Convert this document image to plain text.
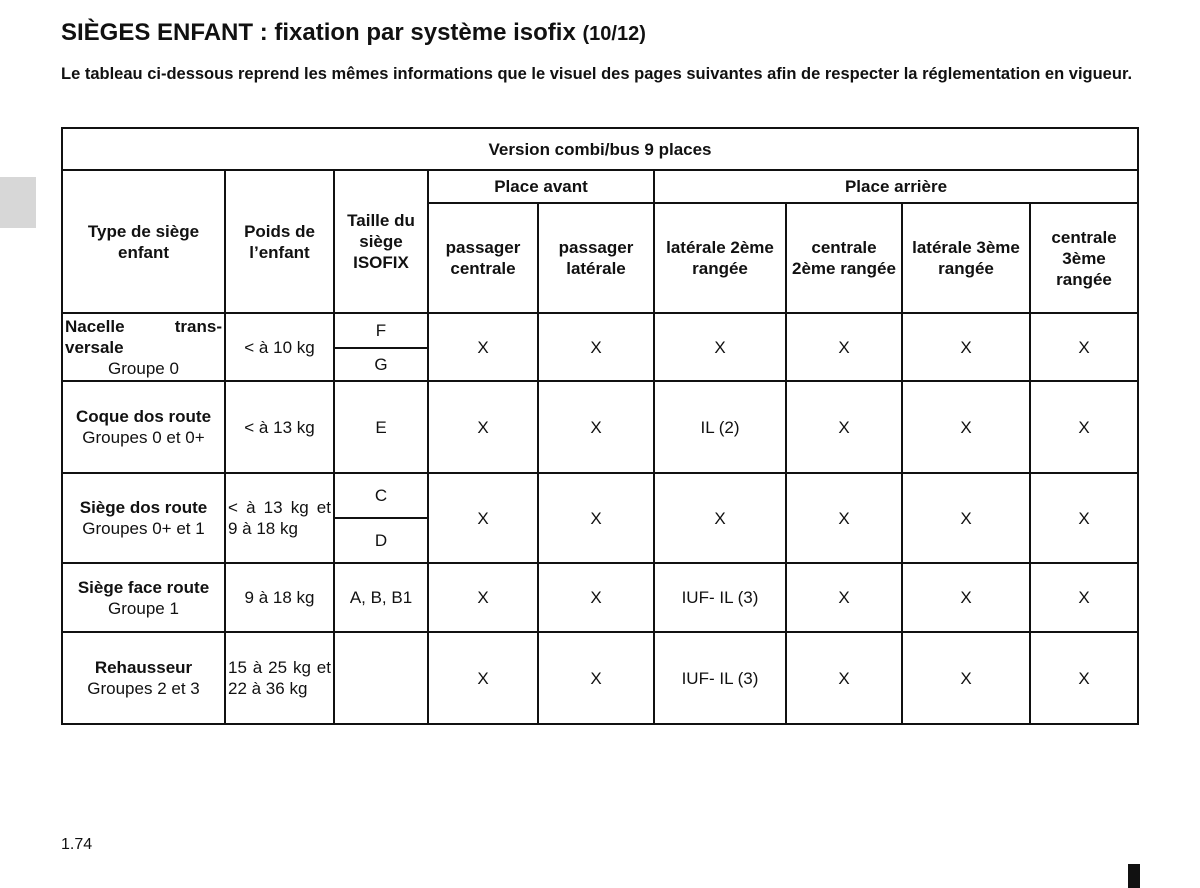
SIÈGES ENFANT : fixation par système isofix (10/12)
Le tableau ci-dessous reprend les mêmes informations que le visuel des pages suivantes afin de respecter la réglementation en vigueur.
Version combi/bus 9 places								
Type de siège enfant	Poids de l’enfant	Taille du siège ISOFIX	Place avant		Place arrière			
			passager centrale	passager latérale	latérale 2ème rangée	centrale 2ème rangée	latérale 3ème rangée	centrale 3ème rangée

Nacelle trans-versale
Groupe 0	< à 10 kg	F	X	X	X	X	X	X
		G						
Coque dos route
Groupes 0 et 0+	< à 13 kg	E	X	X	IL (2)	X	X	X
Siège dos route
Groupes 0+ et 1	< à 13 kg et 9 à 18 kg	C	X	X	X	X	X	X
		D						
Siège face route
Groupe 1	9 à 18 kg	A, B, B1	X	X	IUF- IL (3)	X	X	X
Rehausseur
Groupes 2 et 3	15 à 25 kg et 22 à 36 kg		X	X	IUF- IL (3)	X	X	X
1.74
